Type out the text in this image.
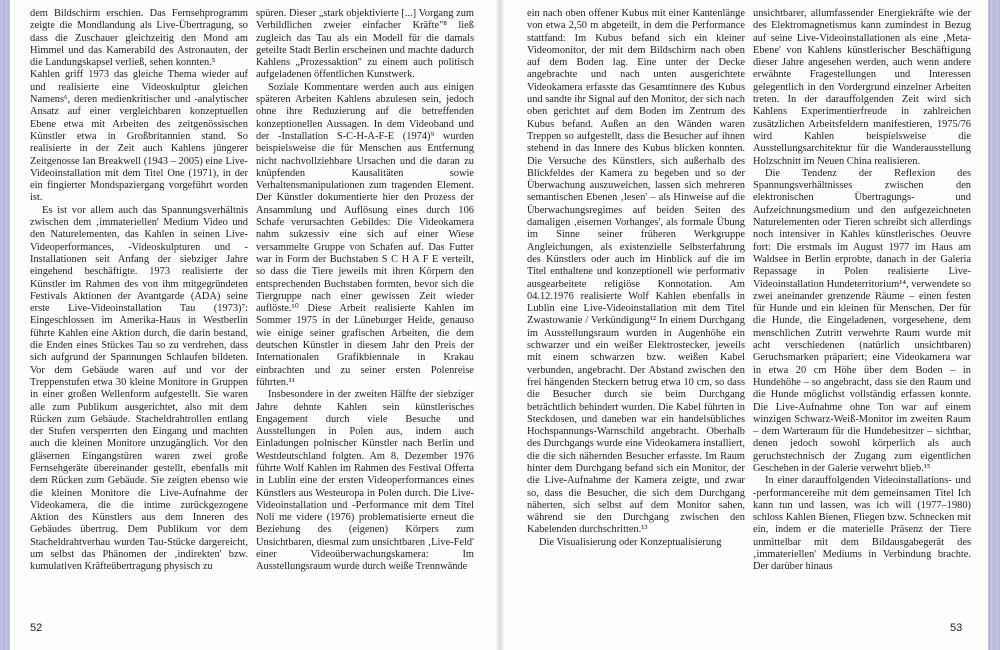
dem Bildschirm erschien. Das Fernsehprogramm zeigte die Mondlandung als Live-Übertragung, so dass die Zuschauer gleichzeitig den Mond am Himmel und das Kamerabild des Astronauten, der die Landungskapsel verließ, sehen konnten.⁵

Kahlen griff 1973 das gleiche Thema wieder auf und realisierte eine Videoskulptur gleichen Namens⁶, deren medienkritischer und -analytischer Ansatz auf einer vergleichbaren konzeptuellen Ebene etwa mit Arbeiten des zeitgenössischen Künstler etwa in Großbritannien stand. So realisierte in der Zeit auch Kahlens jüngerer Zeitgenosse Ian Breakwell (1943 – 2005) eine Live-Videoinstallation mit dem Titel One (1971), in der ein fingierter Mondspaziergang vorgeführt worden ist.

Es ist vor allem auch das Spannungsverhältnis zwischen dem ‚immateriellen' Medium Video und den Naturelementen, das Kahlen in seinen Live-Videoperformances, -Videoskulpturen und -Installationen seit Anfang der siebziger Jahre eingehend beschäftigte. 1973 realisierte der Künstler im Rahmen des von ihm mitgegründeten Festivals Aktionen der Avantgarde (ADA) seine erste Live-Videoinstallation Tau (1973)⁷: Eingeschlossen im Amerika-Haus in Westberlin führte Kahlen eine Aktion durch, die darin bestand, die Enden eines Stückes Tau so zu verdrehen, dass sich aufgrund der Spannungen Schlaufen bildeten. Vor dem Gebäude waren auf und vor der Treppenstufen etwa 30 kleine Monitore in Gruppen in einer großen Wellenform aufgestellt. Sie waren alle zum Publikum ausgerichtet, also mit dem Rücken zum Gebäude. Stacheldrahtrollen entlang der Stufen versperrten den Eingang und machten auch die kleinen Monitore unzugänglich. Vor den gläsernen Eingangstüren waren zwei große Fernsehgeräte übereinander gestellt, ebenfalls mit dem Rücken zum Gebäude. Sie zeigten ebenso wie die kleinen Monitore die Live-Aufnahme der Videokamera, die die intime zurückgezogene Aktion des Künstlers aus dem Inneren des Gebäudes übertrug. Dem Publikum vor dem Stacheldrahtverhau wurden Tau-Stücke dargereicht, um selbst das Phänomen der ‚indirekten' bzw. kumulativen Kräfteübertragung physisch zu

spüren. Dieser „stark objektivierte [...] Vorgang zum Verbildlichen zweier einfacher Kräfte"⁸ ließ zugleich das Tau als ein Modell für die damals geteilte Stadt Berlin erscheinen und machte dadurch Kahlens „Prozessaktion" zu einem auch politisch aufgeladenen öffentlichen Kunstwerk.

Soziale Kommentare werden auch aus einigen späteren Arbeiten Kahlens abzulesen sein, jedoch ohne ihre Reduzierung auf die betreffenden konzeptionellen Aussagen. In dem Videoband und der -Installation S-C-H-A-F-E (1974)⁹ wurden beispielsweise die für Menschen aus Entfernung nicht nachvollziehbare Ursachen und die daran zu knüpfenden Kausalitäten sowie Verhaltensmanipulationen zum tragenden Element. Der Künstler dokumentierte hier den Prozess der Ansammlung und Auflösung eines durch 106 Schafe verursachten Gebildes: Die Videokamera nahm sukzessiv eine sich auf einer Wiese versammelte Gruppe von Schafen auf. Das Futter war in Form der Buchstaben S C H A F E verteilt, so dass die Tiere jeweils mit ihren Körpern den entsprechenden Buchstaben formten, bevor sich die Tiergruppe nach einer gewissen Zeit wieder auflöste.¹⁰ Diese Arbeit realisierte Kahlen im Sommer 1975 in der Lüneburger Heide, genauso wie einige seiner grafischen Arbeiten, die dem deutschen Künstler in diesem Jahr den Preis der Internationalen Grafikbiennale in Krakau einbrachten und zu seiner ersten Polenreise führten.¹¹

Insbesondere in der zweiten Hälfte der siebziger Jahre dehnte Kahlen sein künstlerisches Engagement durch viele Besuche und Ausstellungen in Polen aus, indem auch Einladungen polnischer Künstler nach Berlin und Westdeutschland folgten. Am 8. Dezember 1976 führte Wolf Kahlen im Rahmen des Festival Offerta in Lublin eine der ersten Videoperformances eines Künstlers aus Westeuropa in Polen durch. Die Live-Videoinstallation und -Performance mit dem Titel Noli me videre (1976) problematisierte erneut die Beziehung des (eigenen) Körpers zum Unsichtbaren, diesmal zum unsichtbaren ‚Live-Feld' einer Videoüberwachungskamera: Im Ausstellungsraum wurde durch weiße Trennwände

ein nach oben offener Kubus mit einer Kantenlänge von etwa 2,50 m abgeteilt, in dem die Performance stattfand: Im Kubus befand sich ein kleiner Videomonitor, der mit dem Bildschirm nach oben auf dem Boden lag. Eine unter der Decke angebrachte und nach unten ausgerichtete Videokamera erfasste das Gesamtinnere des Kubus und sandte ihr Signal auf den Monitor, der sich nach oben gerichtet auf dem Boden im Zentrum des Kubus befand. Außen an den Wänden waren Treppen so aufgestellt, dass die Besucher auf ihnen stehend in das Innere des Kubus blicken konnten. Die Versuche des Künstlers, sich außerhalb des Blickfeldes der Kamera zu begeben und so der Überwachung auszuweichen, lassen sich mehreren semantischen Ebenen ‚lesen' – als Hinweise auf die Überwachungsregimes auf beiden Seiten des damaligen ‚eisernen Vorhanges', als formale Übung im Sinne seiner früheren Werkgruppe Angleichungen, als existenzielle Selbsterfahrung des Künstlers oder auch im Hinblick auf die im Titel enthaltene und konzeptionell wie performativ ausgearbeitete religiöse Konnotation. Am 04.12.1976 realisierte Wolf Kahlen ebenfalls in Lublin eine Live-Videoinstallation mit dem Titel Zwastowanie / Verkündigung¹² In einem Durchgang im Ausstellungsraum wurden in Augenhöhe ein schwarzer und ein weißer Elektrostecker, jeweils mit einem schwarzen bzw. weißen Kabel verbunden, angebracht. Der Abstand zwischen den frei hängenden Steckern betrug etwa 10 cm, so dass die Besucher durch sie beim Durchgang beträchtlich behindert wurden. Die Kabel führten in Steckdosen, und daneben war ein handelsübliches Hochspannungs-Warnschild angebracht. Oberhalb des Durchgangs wurde eine Videokamera installiert, die die sich nähernden Besucher erfasste. Im Raum hinter dem Durchgang befand sich ein Monitor, der die Live-Aufnahme der Kamera zeigte, und zwar so, dass die Besucher, die sich dem Durchgang näherten, sich selbst auf dem Monitor sahen, während sie den Durchgang zwischen den Kabelenden durchschritten.¹³

Die Visualisierung oder Konzeptualisierung

unsichtbarer, allumfassender Energiekräfte wie der des Elektromagnetismus kann zumindest in Bezug auf seine Live-Videoinstallationen als eine ‚Meta-Ebene' von Kahlens künstlerischer Beschäftigung dieser Jahre angesehen werden, auch wenn andere erwähnte Fragestellungen und Interessen gelegentlich in den Vordergrund einzelner Arbeiten treten. In der darauffolgenden Zeit wird sich Kahlens Experimentierfreude in zahlreichen zusätzlichen Arbeitsfeldern manifestieren, 1975/76 wird Kahlen beispielsweise die Ausstellungsarchitektur für die Wanderausstellung Holzschnitt im Neuen China realisieren.

Die Tendenz der Reflexion des Spannungsverhältnisses zwischen den elektronischen Übertragungs- und Aufzeichnungsmedium und den aufgezeichneten Naturelementen oder Tieren schreibt sich allerdings noch intensiver in Kahles künstlerisches Oeuvre fort: Die erstmals im August 1977 im Haus am Waldsee in Berlin erprobte, danach in der Galeria Repassage in Polen realisierte Live-Videoinstallation Hundeterritorium¹⁴, verwendete so zwei aneinander grenzende Räume – einen festen für Hunde und ein kleinen für Menschen. Der für die Hunde, die Eingeladenen, vorgesehene, dem menschlichen Zutritt verwehrte Raum wurde mit acht verschiedenen (natürlich unsichtbaren) Geruchsmarken präpariert; eine Videokamera war in etwa 20 cm Höhe über dem Boden – in Hundehöhe – so angebracht, dass sie den Raum und die Hunde möglichst vollständig erfassen konnte. Die Live-Aufnahme ohne Ton war auf einem winzigen Schwarz-Weiß-Monitor im zweiten Raum – dem Warteraum für die Hundebesitzer – sichtbar, denen jedoch sowohl körperlich als auch geruchstechnisch der Zugang zum eigentlichen Geschehen in der Galerie verwehrt blieb.¹⁵

In einer darauffolgenden Videoinstallations- und -performancereihe mit dem gemeinsamen Titel Ich kann tun und lassen, was ich will (1977–1980) schloss Kahlen Bienen, Fliegen bzw. Schnecken mit ein, indem er die materielle Präsenz der Tiere unmittelbar mit dem Bildausgabegerät des ‚immateriellen' Mediums in Verbindung brachte. Der darüber hinaus

52	53
